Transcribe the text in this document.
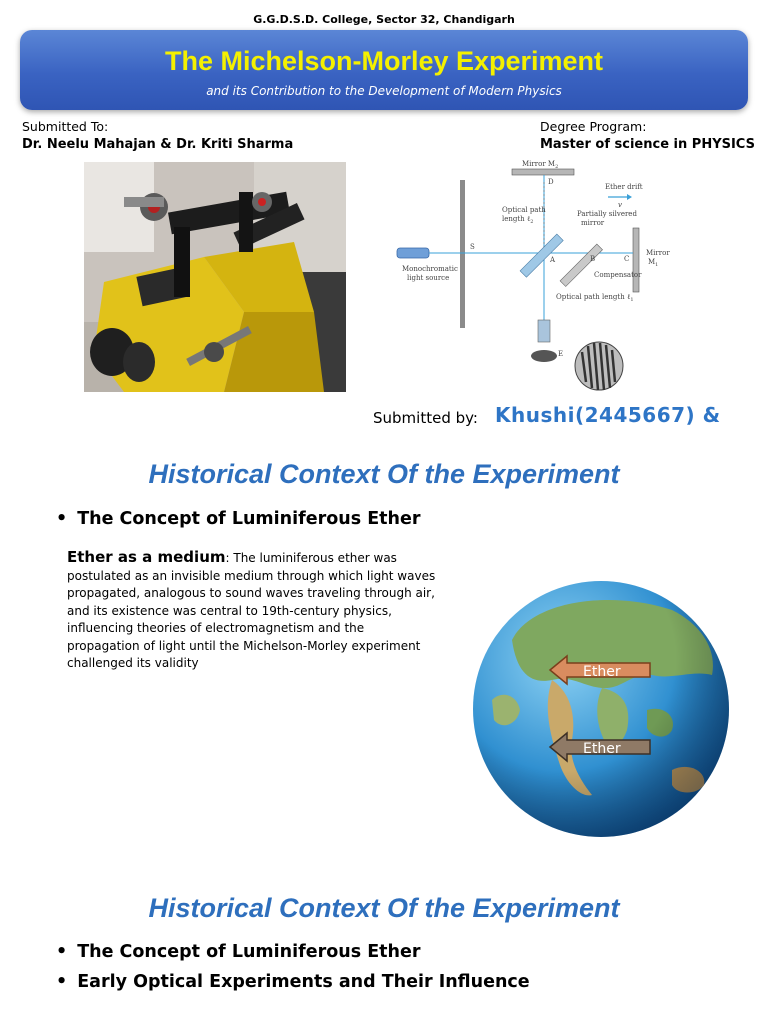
G.G.D.S.D. College, Sector 32, Chandigarh
The Michelson-Morley Experiment
and its Contribution to the Development of Modern Physics
Submitted To:
Dr. Neelu Mahajan & Dr. Kriti Sharma
Degree Program:
Master of science in PHYSICS
Mirror $M_2$
Mirror
$M_1$
Ether drift
v
Optical path
length ℓ$_2$
Partially silvered
mirror
Compensator
Monochromatic
light source
Optical path length ℓ$_1$
D
S
A	B	C
E
Submitted by: Khushi(2445667) &
Historical Context Of the Experiment
• The Concept of Luminiferous Ether
Ether as a medium: The luminiferous ether was postulated as an invisible medium through which light waves propagated, analogous to sound waves traveling through air, and its existence was central to 19th-century physics, influencing theories of electromagnetism and the propagation of light until the Michelson-Morley experiment challenged its validity
Ether
Ether
Historical Context Of the Experiment
• The Concept of Luminiferous Ether
• Early Optical Experiments and Their Influence
